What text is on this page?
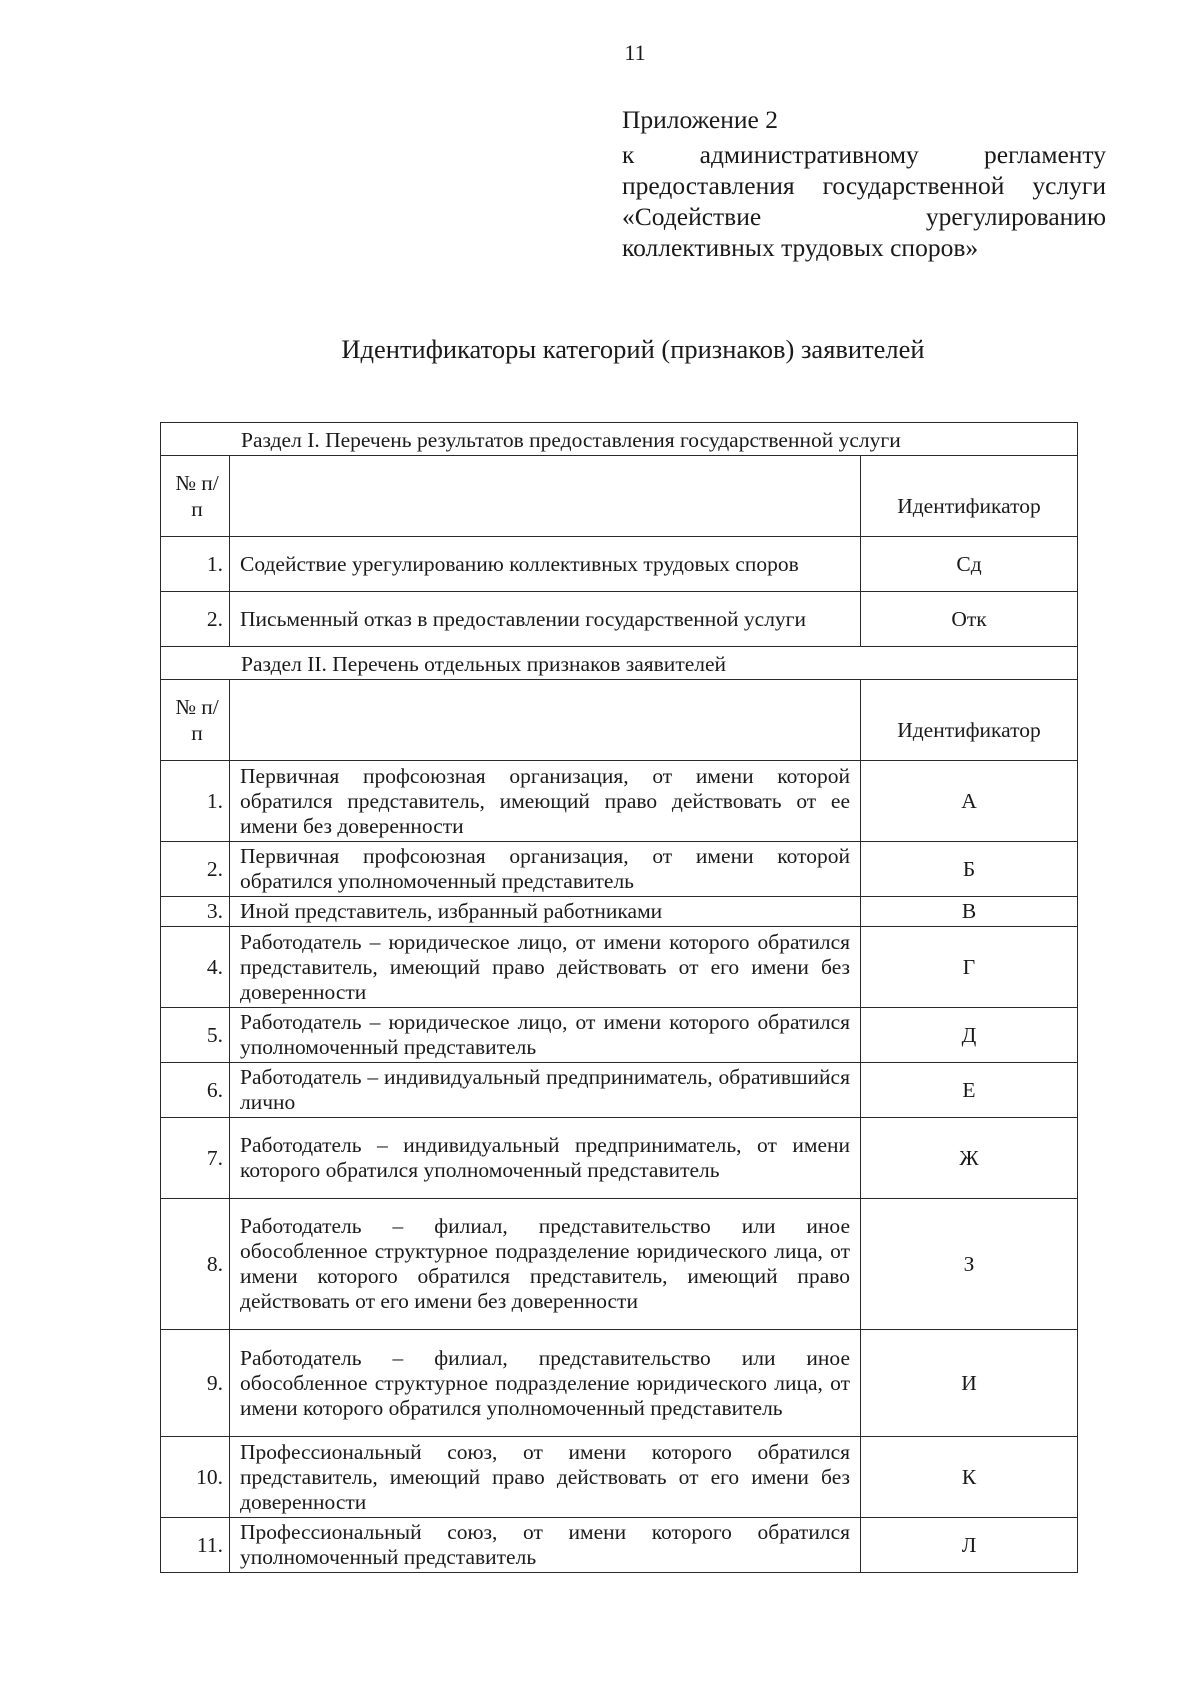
11
Приложение 2
к административному регламенту предоставления государственной услуги «Содействие урегулированию коллективных трудовых споров»
Идентификаторы категорий (признаков) заявителей
Раздел I. Перечень результатов предоставления государственной услуги		
№ п/п		Идентификатор
1.	Содействие урегулированию коллективных трудовых споров	Сд
2.	Письменный отказ в предоставлении государственной услуги	Отк
Раздел II. Перечень отдельных признаков заявителей		
№ п/п		Идентификатор
1.	Первичная профсоюзная организация, от имени которой обратился представитель, имеющий право действовать от ее имени без доверенности	А
2.	Первичная профсоюзная организация, от имени которой обратился уполномоченный представитель	Б
3.	Иной представитель, избранный работниками	В
4.	Работодатель – юридическое лицо, от имени которого обратился представитель, имеющий право действовать от его имени без доверенности	Г
5.	Работодатель – юридическое лицо, от имени которого обратился уполномоченный представитель	Д
6.	Работодатель – индивидуальный предприниматель, обратившийся лично	Е
7.	Работодатель – индивидуальный предприниматель, от имени которого обратился уполномоченный представитель	Ж
8.	Работодатель – филиал, представительство или иное обособленное структурное подразделение юридического лица, от имени которого обратился представитель, имеющий право действовать от его имени без доверенности	З
9.	Работодатель – филиал, представительство или иное обособленное структурное подразделение юридического лица, от имени которого обратился уполномоченный представитель	И
10.	Профессиональный союз, от имени которого обратился представитель, имеющий право действовать от его имени без доверенности	К
11.	Профессиональный союз, от имени которого обратился уполномоченный представитель	Л
